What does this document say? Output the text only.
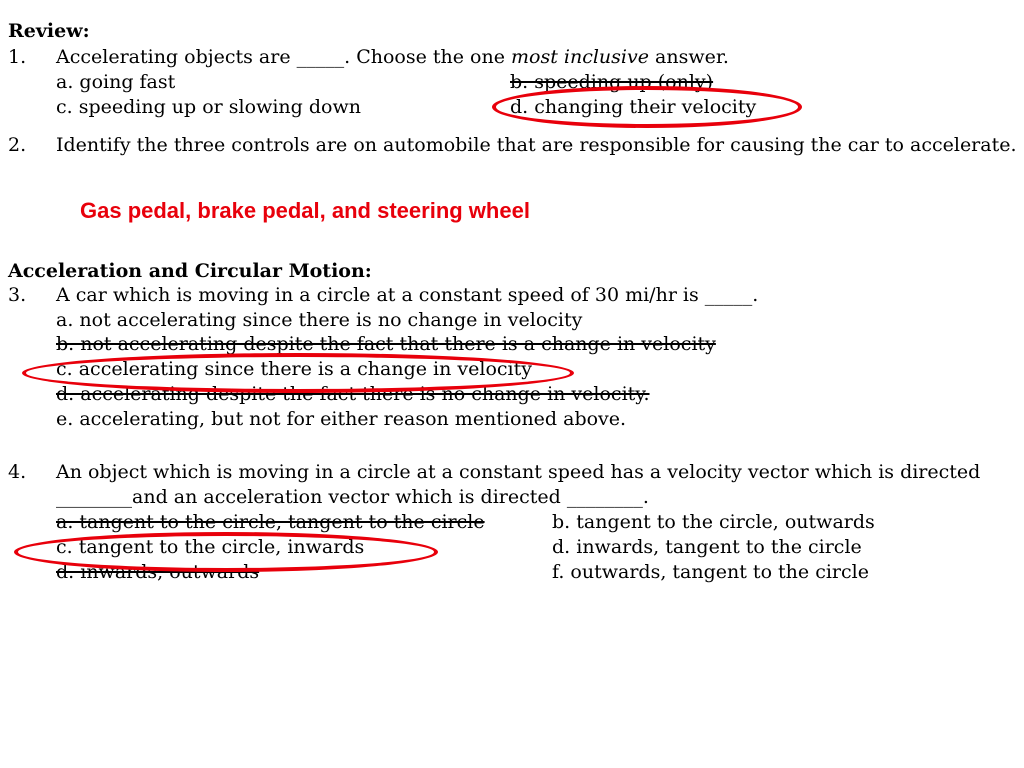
Review:
1. Accelerating objects are _____. Choose the one most inclusive answer.
a. going fast	b. speeding up (only)
c. speeding up or slowing down	d. changing their velocity
2. Identify the three controls are on automobile that are responsible for causing the car to accelerate.
Gas pedal, brake pedal, and steering wheel
Acceleration and Circular Motion:
3. A car which is moving in a circle at a constant speed of 30 mi/hr is _____.
a. not accelerating since there is no change in velocity
b. not accelerating despite the fact that there is a change in velocity
c. accelerating since there is a change in velocity
d. accelerating despite the fact there is no change in velocity.
e. accelerating, but not for either reason mentioned above.
4. An object which is moving in a circle at a constant speed has a velocity vector which is directed
________and an acceleration vector which is directed ________.
a. tangent to the circle, tangent to the circle	b. tangent to the circle, outwards
c. tangent to the circle, inwards	d. inwards, tangent to the circle
d. inwards, outwards	f. outwards, tangent to the circle
